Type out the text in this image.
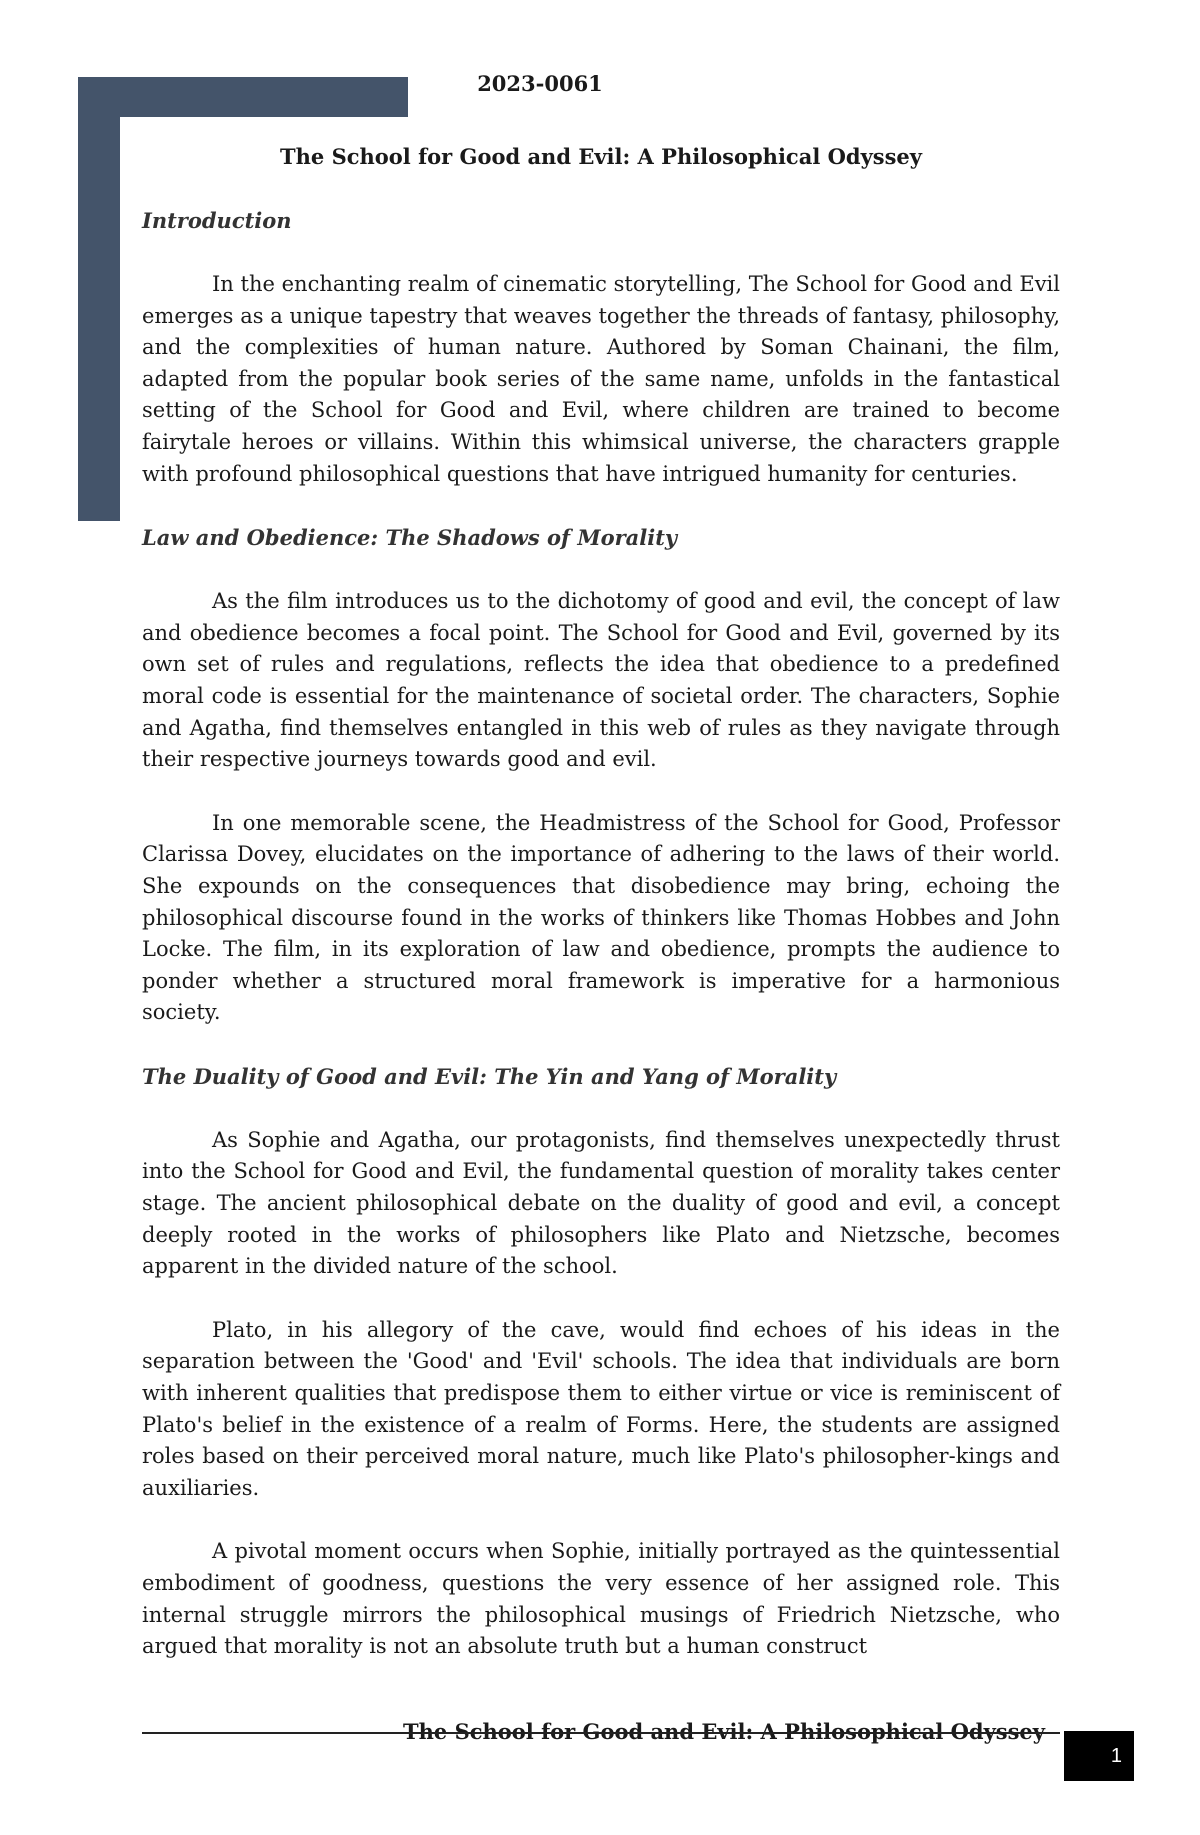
2023-0061
The School for Good and Evil: A Philosophical Odyssey
Introduction

In the enchanting realm of cinematic storytelling, The School for Good and Evil emerges as a unique tapestry that weaves together the threads of fantasy, philosophy, and the complexities of human nature. Authored by Soman Chainani, the film, adapted from the popular book series of the same name, unfolds in the fantastical setting of the School for Good and Evil, where children are trained to become fairytale heroes or villains. Within this whimsical universe, the characters grapple with profound philosophical questions that have intrigued humanity for centuries.

Law and Obedience: The Shadows of Morality

As the film introduces us to the dichotomy of good and evil, the concept of law and obedience becomes a focal point. The School for Good and Evil, governed by its own set of rules and regulations, reflects the idea that obedience to a predefined moral code is essential for the maintenance of societal order. The characters, Sophie and Agatha, find themselves entangled in this web of rules as they navigate through their respective journeys towards good and evil.

In one memorable scene, the Headmistress of the School for Good, Professor Clarissa Dovey, elucidates on the importance of adhering to the laws of their world. She expounds on the consequences that disobedience may bring, echoing the philosophical discourse found in the works of thinkers like Thomas Hobbes and John Locke. The film, in its exploration of law and obedience, prompts the audience to ponder whether a structured moral framework is imperative for a harmonious society.

The Duality of Good and Evil: The Yin and Yang of Morality

As Sophie and Agatha, our protagonists, find themselves unexpectedly thrust into the School for Good and Evil, the fundamental question of morality takes center stage. The ancient philosophical debate on the duality of good and evil, a concept deeply rooted in the works of philosophers like Plato and Nietzsche, becomes apparent in the divided nature of the school.

Plato, in his allegory of the cave, would find echoes of his ideas in the separation between the 'Good' and 'Evil' schools. The idea that individuals are born with inherent qualities that predispose them to either virtue or vice is reminiscent of Plato's belief in the existence of a realm of Forms. Here, the students are assigned roles based on their perceived moral nature, much like Plato's philosopher-kings and auxiliaries.

A pivotal moment occurs when Sophie, initially portrayed as the quintessential embodiment of goodness, questions the very essence of her assigned role. This internal struggle mirrors the philosophical musings of Friedrich Nietzsche, who argued that morality is not an absolute truth but a human construct

The School for Good and Evil: A Philosophical Odyssey
1
